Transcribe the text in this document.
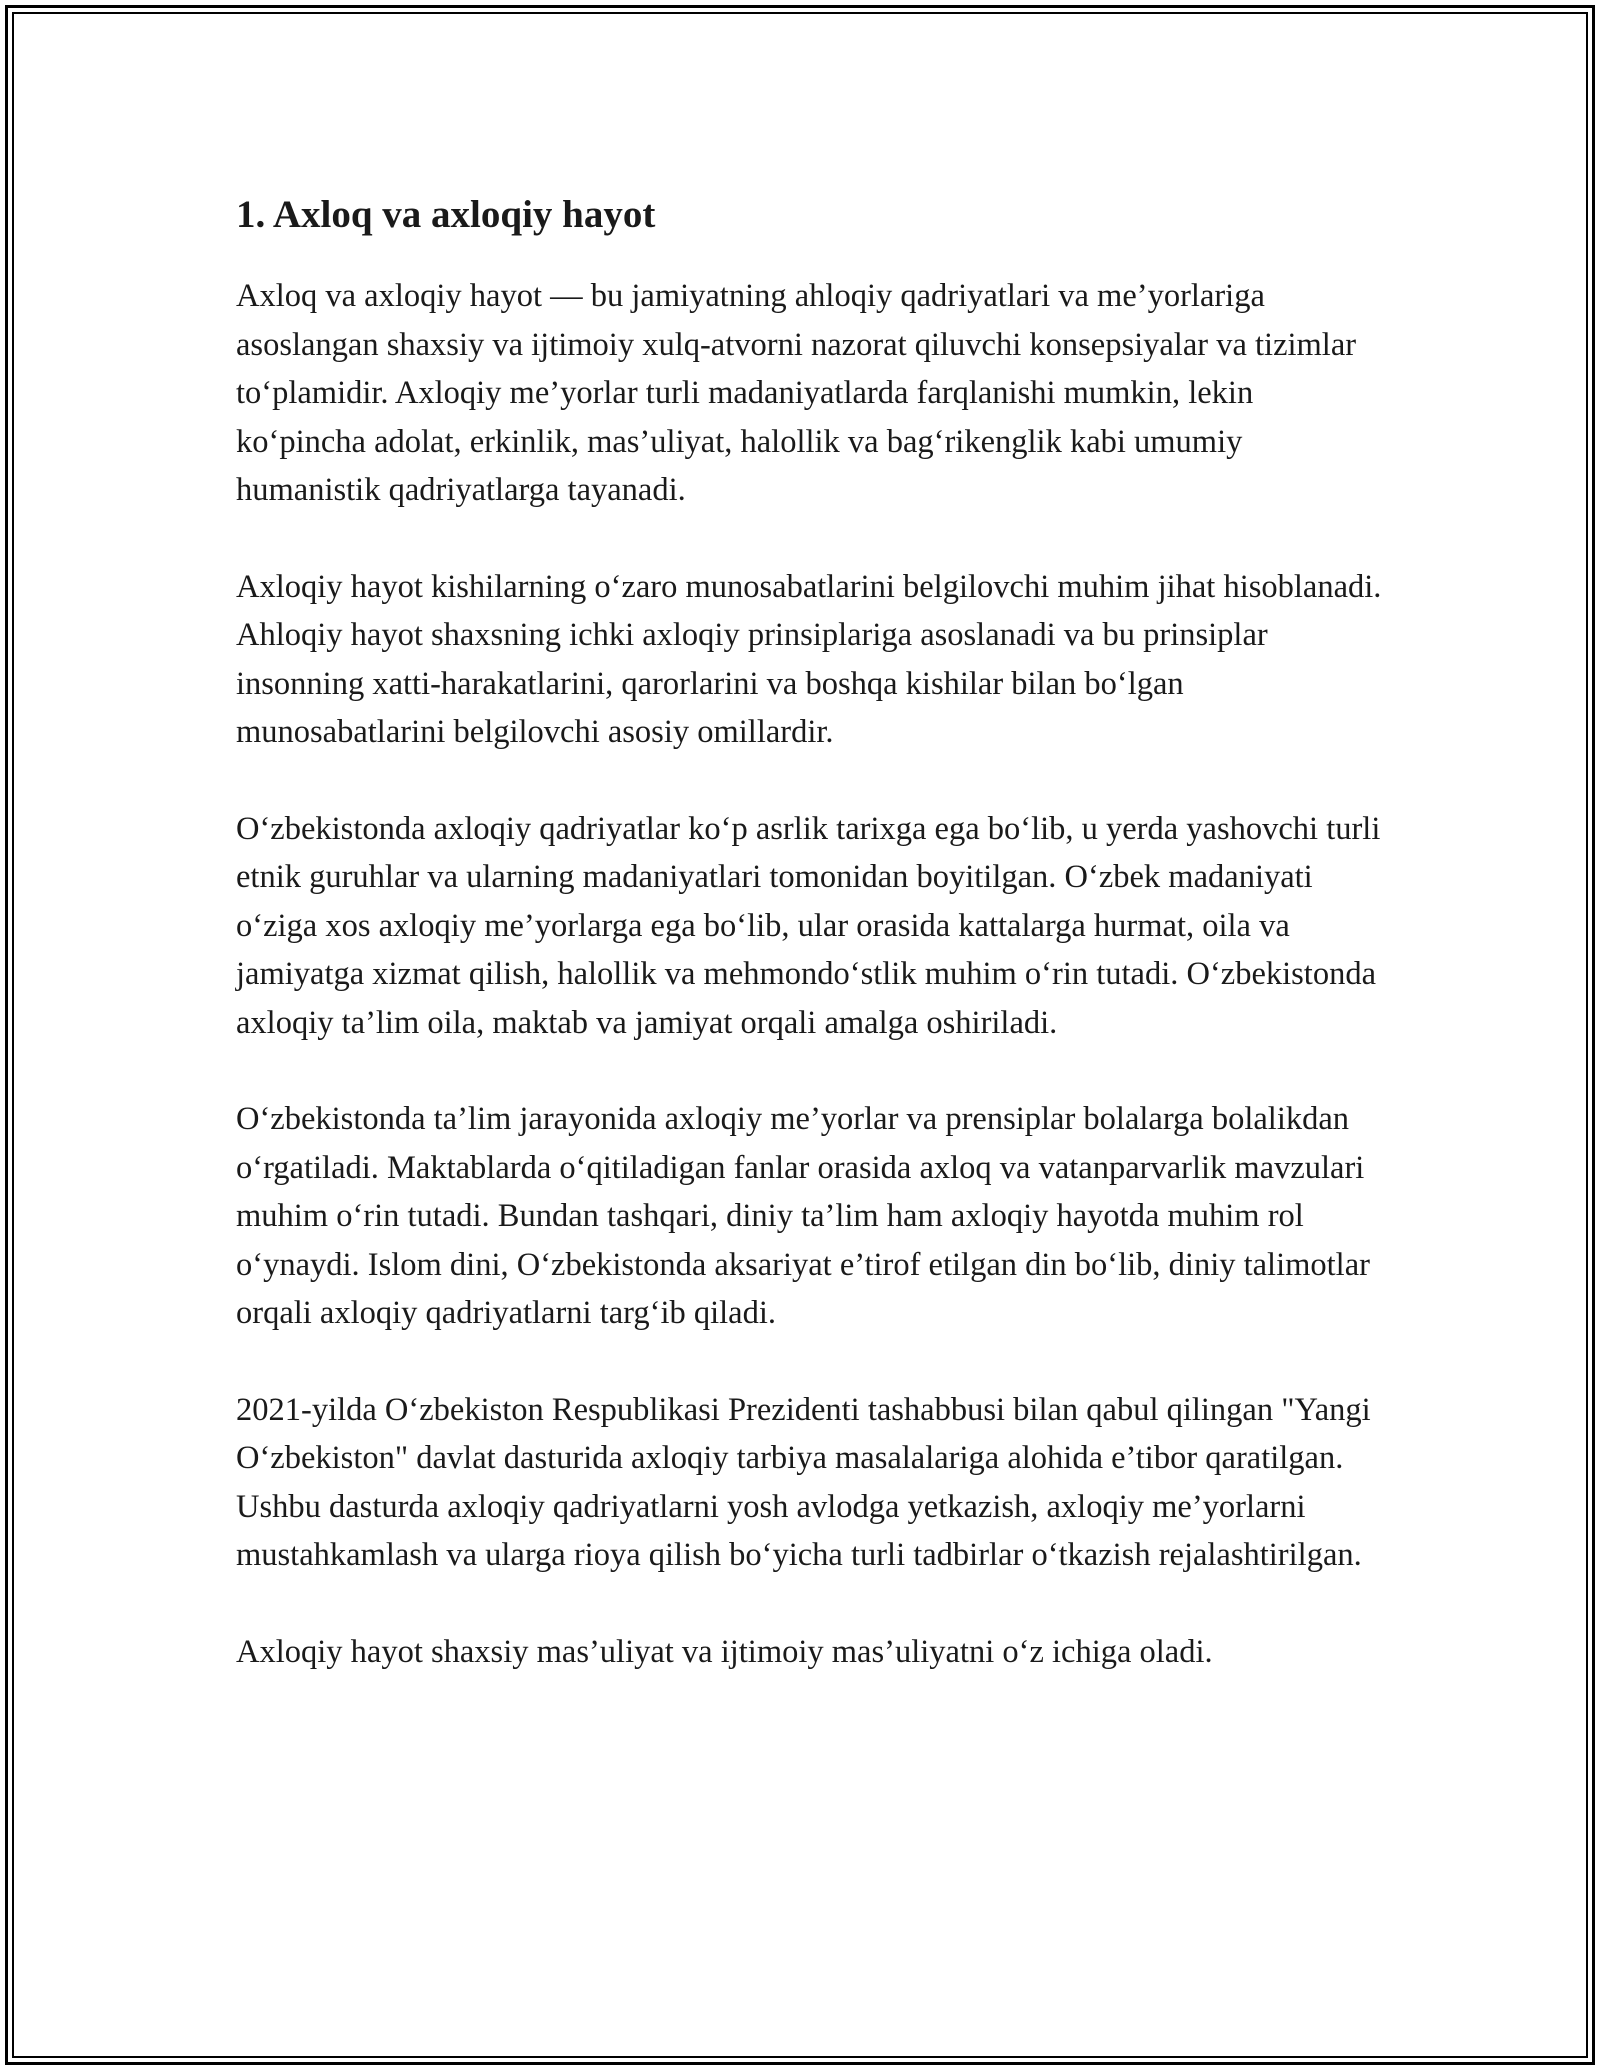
1. Axloq va axloqiy hayot

Axloq va axloqiy hayot — bu jamiyatning ahloqiy qadriyatlari va me’yorlariga asoslangan shaxsiy va ijtimoiy xulq-atvorni nazorat qiluvchi konsepsiyalar va tizimlar to‘plamidir. Axloqiy me’yorlar turli madaniyatlarda farqlanishi mumkin, lekin ko‘pincha adolat, erkinlik, mas’uliyat, halollik va bag‘rikenglik kabi umumiy humanistik qadriyatlarga tayanadi.

Axloqiy hayot kishilarning o‘zaro munosabatlarini belgilovchi muhim jihat hisoblanadi. Ahloqiy hayot shaxsning ichki axloqiy prinsiplariga asoslanadi va bu prinsiplar insonning xatti-harakatlarini, qarorlarini va boshqa kishilar bilan bo‘lgan munosabatlarini belgilovchi asosiy omillardir.

O‘zbekistonda axloqiy qadriyatlar ko‘p asrlik tarixga ega bo‘lib, u yerda yashovchi turli etnik guruhlar va ularning madaniyatlari tomonidan boyitilgan. O‘zbek madaniyati o‘ziga xos axloqiy me’yorlarga ega bo‘lib, ular orasida kattalarga hurmat, oila va jamiyatga xizmat qilish, halollik va mehmondo‘stlik muhim o‘rin tutadi. O‘zbekistonda axloqiy ta’lim oila, maktab va jamiyat orqali amalga oshiriladi.

O‘zbekistonda ta’lim jarayonida axloqiy me’yorlar va prensiplar bolalarga bolalikdan o‘rgatiladi. Maktablarda o‘qitiladigan fanlar orasida axloq va vatanparvarlik mavzulari muhim o‘rin tutadi. Bundan tashqari, diniy ta’lim ham axloqiy hayotda muhim rol o‘ynaydi. Islom dini, O‘zbekistonda aksariyat e’tirof etilgan din bo‘lib, diniy talimotlar orqali axloqiy qadriyatlarni targ‘ib qiladi.

2021-yilda O‘zbekiston Respublikasi Prezidenti tashabbusi bilan qabul qilingan "Yangi O‘zbekiston" davlat dasturida axloqiy tarbiya masalalariga alohida e’tibor qaratilgan. Ushbu dasturda axloqiy qadriyatlarni yosh avlodga yetkazish, axloqiy me’yorlarni mustahkamlash va ularga rioya qilish bo‘yicha turli tadbirlar o‘tkazish rejalashtirilgan.

Axloqiy hayot shaxsiy mas’uliyat va ijtimoiy mas’uliyatni o‘z ichiga oladi.
